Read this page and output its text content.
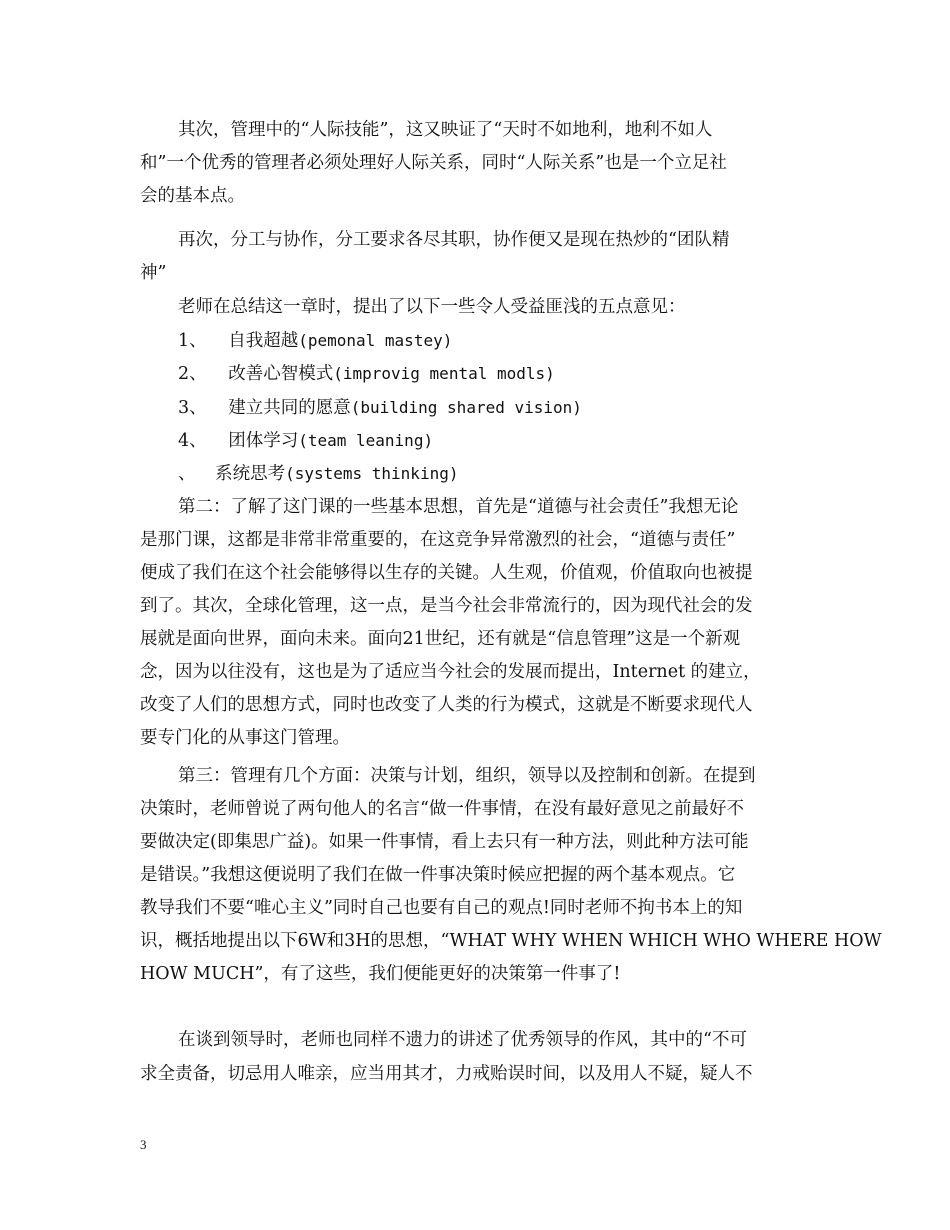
其次，管理中的“人际技能”，这又映证了“天时不如地利，地利不如人
和”一个优秀的管理者必须处理好人际关系，同时“人际关系”也是一个立足社
会的基本点。
再次，分工与协作，分工要求各尽其职，协作便又是现在热炒的“团队精
神”
老师在总结这一章时，提出了以下一些令人受益匪浅的五点意见：
1、 自我超越(pemonal mastey)
2、 改善心智模式(improvig mental modls)
3、 建立共同的愿意(building shared vision)
4、 团体学习(team leaning)
、 系统思考(systems thinking)
第二：了解了这门课的一些基本思想，首先是“道德与社会责任”我想无论
是那门课，这都是非常非常重要的，在这竞争异常激烈的社会，“道德与责任”
便成了我们在这个社会能够得以生存的关键。人生观，价值观，价值取向也被提
到了。其次，全球化管理，这一点，是当今社会非常流行的，因为现代社会的发
展就是面向世界，面向未来。面向21世纪，还有就是“信息管理”这是一个新观
念，因为以往没有，这也是为了适应当今社会的发展而提出，Internet 的建立，
改变了人们的思想方式，同时也改变了人类的行为模式，这就是不断要求现代人
要专门化的从事这门管理。
第三：管理有几个方面：决策与计划，组织，领导以及控制和创新。在提到
决策时，老师曾说了两句他人的名言“做一件事情，在没有最好意见之前最好不
要做决定(即集思广益)。如果一件事情，看上去只有一种方法，则此种方法可能
是错误。”我想这便说明了我们在做一件事决策时候应把握的两个基本观点。它
教导我们不要“唯心主义”同时自己也要有自己的观点!同时老师不拘书本上的知
识，概括地提出以下6W和3H的思想，“WHAT WHY WHEN WHICH WHO WHERE HOW
HOW MUCH”，有了这些，我们便能更好的决策第一件事了!
在谈到领导时，老师也同样不遗力的讲述了优秀领导的作风，其中的“不可
求全责备，切忌用人唯亲，应当用其才，力戒贻误时间，以及用人不疑，疑人不
3
